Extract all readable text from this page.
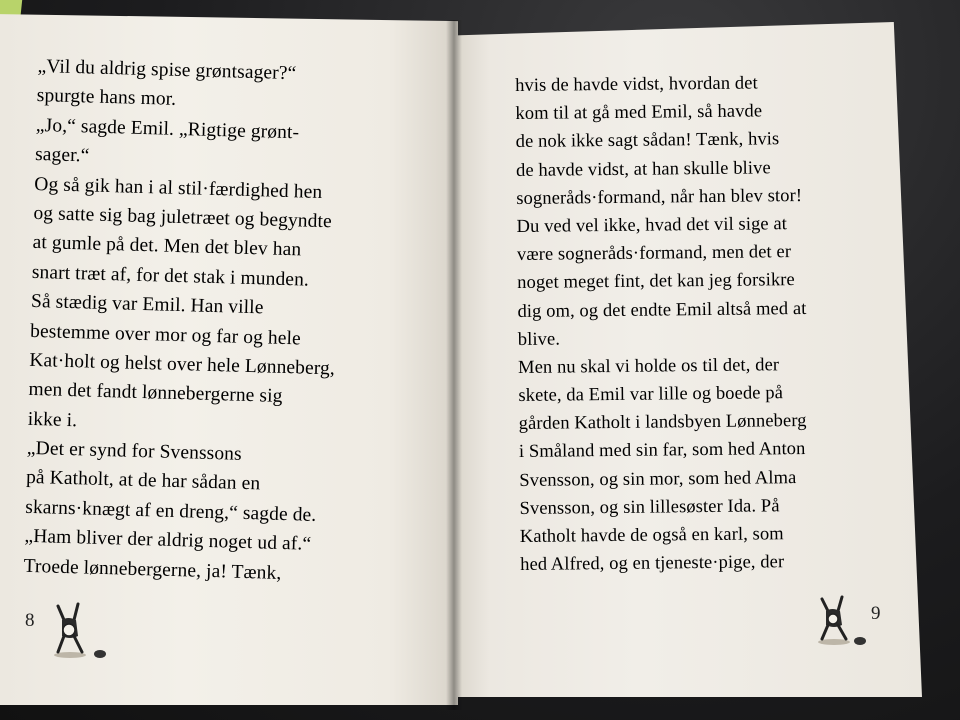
„Vil du aldrig spise grøntsager?“
spurgte hans mor.
„Jo,“ sagde Emil. „Rigtige grønt-
sager.“
Og så gik han i al stil·færdighed hen
og satte sig bag juletræet og begyndte
at gumle på det. Men det blev han
snart træt af, for det stak i munden.
Så stædig var Emil. Han ville
bestemme over mor og far og hele
Kat·holt og helst over hele Lønneberg,
men det fandt lønnebergerne sig
ikke i.
„Det er synd for Svenssons
på Katholt, at de har sådan en
skarns·knægt af en dreng,“ sagde de.
„Ham bliver der aldrig noget ud af.“
Troede lønnebergerne, ja! Tænk,
hvis de havde vidst, hvordan det
kom til at gå med Emil, så havde
de nok ikke sagt sådan! Tænk, hvis
de havde vidst, at han skulle blive
sogneråds·formand, når han blev stor!
Du ved vel ikke, hvad det vil sige at
være sogneråds·formand, men det er
noget meget fint, det kan jeg forsikre
dig om, og det endte Emil altså med at
blive.
Men nu skal vi holde os til det, der
skete, da Emil var lille og boede på
gården Katholt i landsbyen Lønneberg
i Småland med sin far, som hed Anton
Svensson, og sin mor, som hed Alma
Svensson, og sin lillesøster Ida. På
Katholt havde de også en karl, som
hed Alfred, og en tjeneste·pige, der
8	9
